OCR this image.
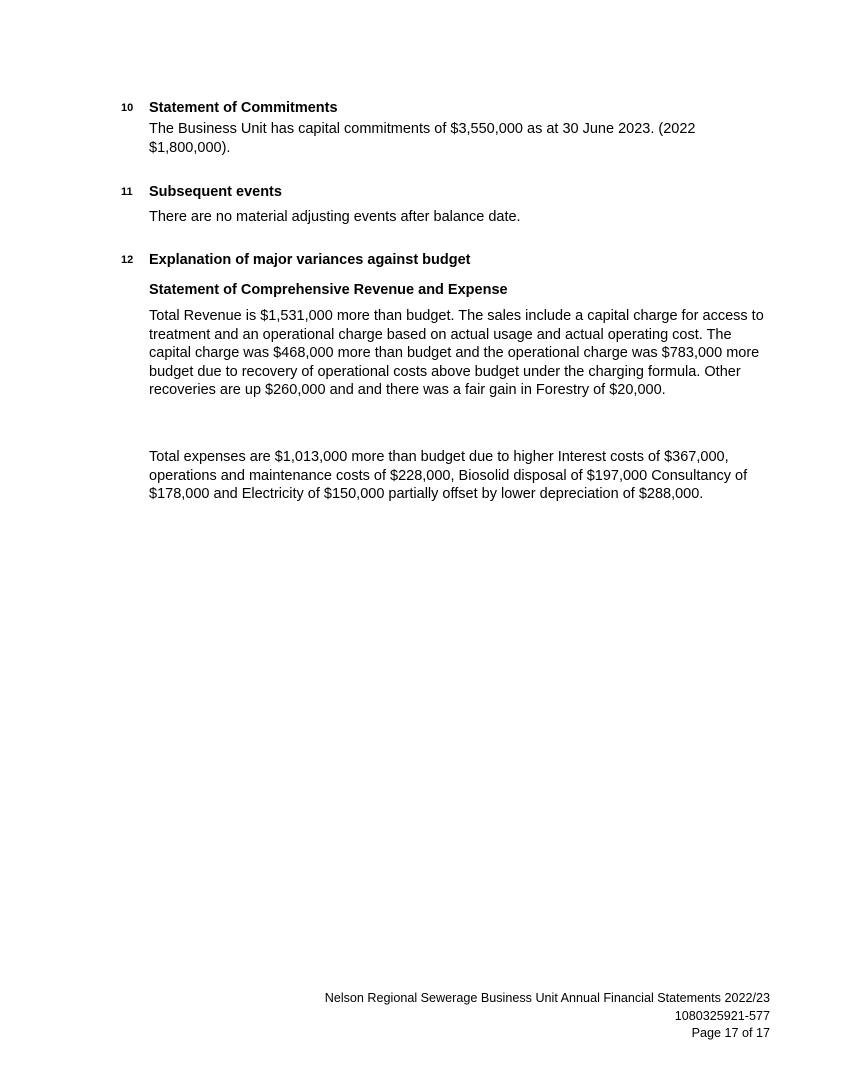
10 Statement of Commitments
The Business Unit has capital commitments of $3,550,000 as at 30 June 2023. (2022 $1,800,000).
11 Subsequent events
There are no material adjusting events after balance date.
12 Explanation of major variances against budget
Statement of Comprehensive Revenue and Expense
Total Revenue is $1,531,000 more than budget. The sales include a capital charge for access to treatment and an operational charge based on actual usage and actual operating cost. The capital charge was $468,000 more than budget and the operational charge was $783,000 more budget due to recovery of operational costs above budget under the charging formula. Other recoveries are up $260,000 and and there was a fair gain in Forestry of $20,000.
Total expenses are $1,013,000 more than budget due to higher Interest costs of $367,000, operations and maintenance costs of $228,000, Biosolid disposal of $197,000 Consultancy of $178,000 and Electricity of $150,000 partially offset by lower depreciation of $288,000.
Nelson Regional Sewerage Business Unit Annual Financial Statements 2022/23
1080325921-577
Page 17 of 17
